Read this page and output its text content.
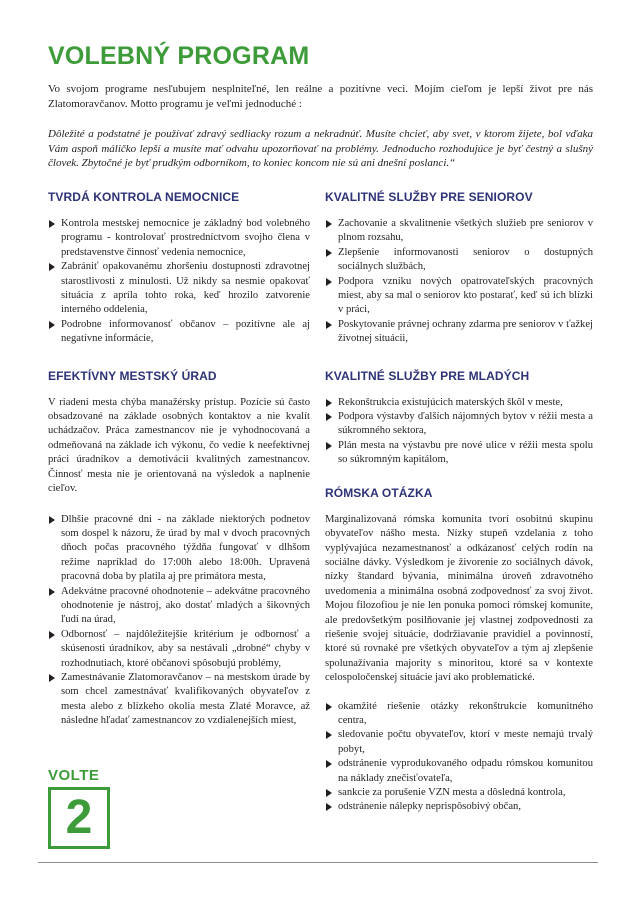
VOLEBNÝ PROGRAM

Vo svojom programe nesľubujem nesplniteľné, len reálne a pozitívne veci. Mojím cieľom je lepší život pre nás Zlatomoravčanov. Motto programu je veľmi jednoduché :

Dôležité a podstatné je používať zdravý sedliacky rozum a nekradnúť. Musíte chcieť, aby svet, v ktorom žijete, bol vďaka Vám aspoň máličko lepší a musíte mať odvahu upozorňovať na problémy. Jednoducho rozhodujúce je byť čestný a slušný človek. Zbytočné je byť prudkým odborníkom, to koniec koncom nie sú ani dnešní poslanci.“

TVRDÁ KONTROLA NEMOCNICE
Kontrola mestskej nemocnice je základný bod volebného programu - kontrolovať prostredníctvom svojho člena v predstavenstve činnosť vedenia nemocnice,
Zabrániť opakovanému zhoršeniu dostupnosti zdravotnej starostlivosti z minulosti. Už nikdy sa nesmie opakovať situácia z apríla tohto roka, keď hrozilo zatvorenie interného oddelenia,
Podrobne informovanosť občanov – pozitívne ale aj negatívne informácie,
EFEKTÍVNY MESTSKÝ ÚRAD

V riadení mesta chýba manažérsky prístup. Pozície sú často obsadzované na základe osobných kontaktov a nie kvalít uchádzačov. Práca zamestnancov nie je vyhodnocovaná a odmeňovaná na základe ich výkonu, čo vedie k neefektívnej práci úradníkov a demotivácii kvalitných zamestnancov. Činnosť mesta nie je orientovaná na výsledok a naplnenie cieľov.

Dlhšie pracovné dni - na základe niektorých podnetov som dospel k názoru, že úrad by mal v dvoch pracovných dňoch počas pracovného týždňa fungovať v dlhšom režime napríklad do 17:00h alebo 18:00h. Upravená pracovná doba by platila aj pre primátora mesta,
Adekvátne pracovné ohodnotenie – adekvátne pracovného ohodnotenie je nástroj, ako dostať mladých a šikovných ľudí na úrad,
Odbornosť – najdôležitejšie kritérium je odbornosť a skúsenosti úradníkov, aby sa nestávali „drobné“ chyby v rozhodnutiach, ktoré občanovi spôsobujú problémy,
Zamestnávanie Zlatomoravčanov – na mestskom úrade by som chcel zamestnávať kvalifikovaných obyvateľov z mesta alebo z blízkeho okolia mesta Zlaté Moravce, až následne hľadať zamestnancov zo vzdialenejších miest,
KVALITNÉ SLUŽBY PRE SENIOROV
Zachovanie a skvalitnenie všetkých služieb pre seniorov v plnom rozsahu,
Zlepšenie informovanosti seniorov o dostupných sociálnych službách,
Podpora vzniku nových opatrovateľských pracovných miest, aby sa mal o seniorov kto postarať, keď sú ich blízki v práci,
Poskytovanie právnej ochrany zdarma pre seniorov v ťažkej životnej situácii,
KVALITNÉ SLUŽBY PRE MLADÝCH
Rekonštrukcia existujúcich materských škôl v meste,
Podpora výstavby ďalších nájomných bytov v réžii mesta a súkromného sektora,
Plán mesta na výstavbu pre nové ulice v réžii mesta spolu so súkromným kapitálom,
RÓMSKA OTÁZKA

Marginalizovaná rómska komunita tvorí osobitnú skupinu obyvateľov nášho mesta. Nízky stupeň vzdelania z toho vyplývajúca nezamestnanosť a odkázanosť celých rodín na sociálne dávky. Výsledkom je živorenie zo sociálnych dávok, nízky štandard bývania, minimálna úroveň zdravotného uvedomenia a minimálna osobná zodpovednosť za svoj život. Mojou filozofiou je nie len ponuka pomoci rómskej komunite, ale predovšetkým posilňovanie jej vlastnej zodpovednosti za riešenie svojej situácie, dodržiavanie pravidiel a povinností, ktoré sú rovnaké pre všetkých obyvateľov a tým aj zlepšenie spolunažívania majority s minoritou, ktoré sa v kontexte celospoločenskej situácie javí ako problematické.

okamžité riešenie otázky rekonštrukcie komunitného centra,
sledovanie počtu obyvateľov, ktorí v meste nemajú trvalý pobyt,
odstránenie vyprodukovaného odpadu rómskou komunitou na náklady znečisťovateľa,
sankcie za porušenie VZN mesta a dôsledná kontrola,
odstránenie nálepky neprispôsobivý občan,
VOLTE
2
